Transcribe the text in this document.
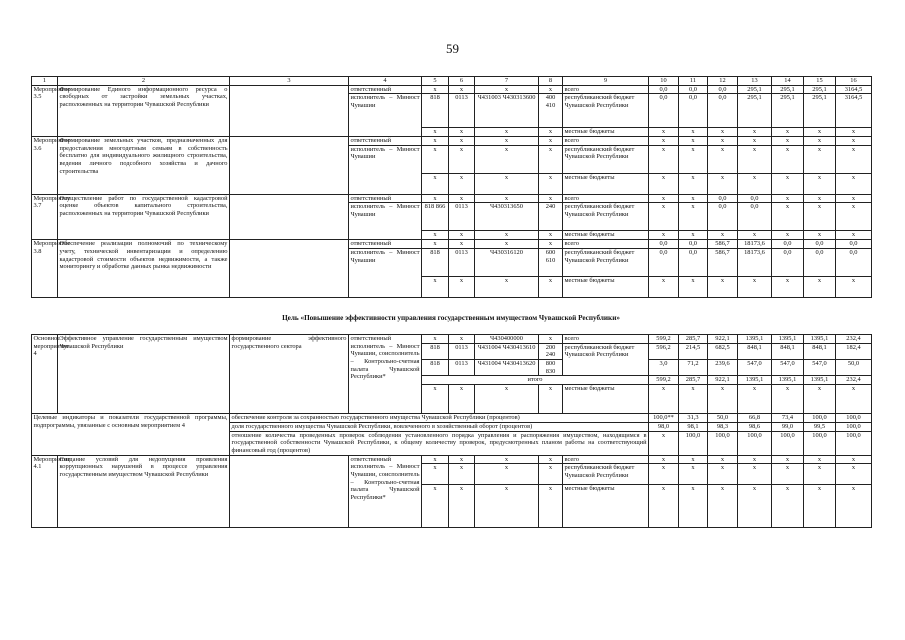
59
1	2	3	4	5	6	7	8	9	10	11	12	13	14	15	16
Мероприятие 3.5	Формирование Единого информационного ресурса о свободных от застройки земельных участках, расположенных на территории Чувашской Республики		ответственный	x	x	x	x	всего	0,0	0,0	0,0	295,1	295,1	295,1	3164,5
			исполнитель – Минюст Чувашии	818	0113	Ч431003 Ч430313600	400 410	республиканский бюджет Чувашской Республики	0,0	0,0	0,0	295,1	295,1	295,1	3164,5
				x	x	x	x	местные бюджеты	x	x	x	x	x	x	x
Мероприятие 3.6	Формирование земельных участков, предназначенных для предоставления многодетным семьям в собственность бесплатно для индивидуального жилищного строительства, ведения личного подсобного хозяйства и дачного строительства		ответственный	x	x	x	x	всего	x	x	x	x	x	x	x
			исполнитель – Минюст Чувашии	x	x	x	x	республиканский бюджет Чувашской Республики	x	x	x	x	x	x	x
				x	x	x	x	местные бюджеты	x	x	x	x	x	x	x
Мероприятие 3.7	Осуществление работ по государственной кадастровой оценке объектов капитального строительства, расположенных на территории Чувашской Республики		ответственный	x	x	x	x	всего	x	x	0,0	0,0	x	x	x
			исполнитель – Минюст Чувашии	818 866	0113	Ч430313650	240	республиканский бюджет Чувашской Республики	x	x	0,0	0,0	x	x	x
				x	x	x	x	местные бюджеты	x	x	x	x	x	x	x
Мероприятие 3.8	Обеспечение реализации полномочий по техническому учету, технической инвентаризации и определению кадастровой стоимости объектов недвижимости, а также мониторингу и обработке данных рынка недвижимости		ответственный	x	x	x	x	всего	0,0	0,0	586,7	18173,6	0,0	0,0	0,0
			исполнитель – Минюст Чувашии	818	0113	Ч430316120	600 610	республиканский бюджет Чувашской Республики	0,0	0,0	586,7	18173,6	0,0	0,0	0,0
				x	x	x	x	местные бюджеты	x	x	x	x	x	x	x
Цель «Повышение эффективности управления государственным имуществом Чувашской Республики»
Основное мероприятие 4	Эффективное управление государственным имуществом Чувашской Республики	формирование эффективного государственного сектора	ответственный исполнитель – Минюст Чувашии, соисполнитель – Контрольно-счетная палата Чувашской Республики*	x	x	Ч430400000	x	всего	599,2	285,7	922,1	1395,1	1395,1	1395,1	232,4
				818	0113	Ч431004 Ч430413610	200 240	республиканский бюджет Чувашской Республики	596,2	214,5	682,5	848,1	848,1	848,1	182,4
				818	0113	Ч431004 Ч430413620	800 830		3,0	71,2	239,6	547,0	547,0	547,0	50,0
				итого					599,2	285,7	922,1	1395,1	1395,1	1395,1	232,4
				x	x	x	x	местные бюджеты	x	x	x	x	x	x	x
Целевые индикаторы и показатели государственной программы, подпрограммы, увязанные с основным мероприятием 4		обеспечение контроля за сохранностью государственного имущества Чувашской Республики (процентов)							100,0**	31,3	50,0	66,8	73,4	100,0	100,0
		доля государственного имущества Чувашской Республики, вовлеченного в хозяйственный оборот (процентов)							98,0	98,1	98,3	98,6	99,0	99,5	100,0
		отношение количества проведенных проверок соблюдения установленного порядка управления и распоряжения имуществом, находящимся в государственной собственности Чувашской Республики, к общему количеству проверок, предусмотренных планом работы на соответствующий финансовый год (процентов)							x	100,0	100,0	100,0	100,0	100,0	100,0
Мероприятие 4.1	Создание условий для недопущения проявления коррупционных нарушений в процессе управления государственным имуществом Чувашской Республики		ответственный исполнитель – Минюст Чувашии, соисполнитель – Контрольно-счетная палата Чувашской Республики*	x	x	x	x	всего	x	x	x	x	x	x	x
				x	x	x	x	республиканский бюджет Чувашской Республики	x	x	x	x	x	x	x
				x	x	x	x	местные бюджеты	x	x	x	x	x	x	x
